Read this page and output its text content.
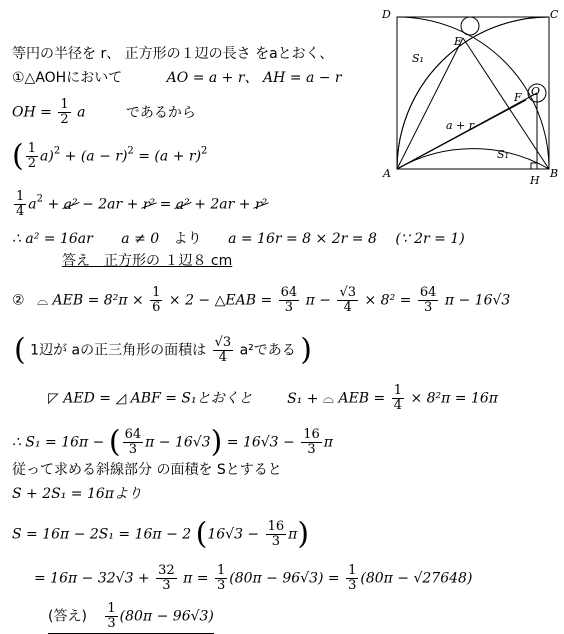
D	C
A	B
E
F O
H
S₁
S₁
a + r
等円の半径を r、 正方形の１辺の長さ をaとおく、
①△AOHにおいて	AO = a + r、 AH = a − r
OH = $\frac{1}{2}$ a	であるから
( $\frac{1}{2} a)^2 + (a - r)^2 = (a + r)^2$
$\frac{1}{4} a^2 + a^2 - 2ar + r^2 = a^2 + 2ar + r^2$
∴ a² = 16ar a ≠ 0 より a = 16r = 8 × 2r = 8 (∵ 2r = 1)
答え　正方形の １辺８ cm
② ⌓ AEB = $8^2\pi \times \frac{1}{6} \times 2$ − △EAB = $\frac{64}{3}$ $\pi - \frac{√3}{4} \times 8^2 = \frac{64}{3}$ π − 16√3
( 1辺が aの正三角形の面積は $\frac{√3}{4} a^2$である )
◸ AED = ◿ ABF = S₁とおくと S₁ + ⌓ AEB = $\frac{1}{4} \times 8^2\pi = 16\pi$
∴ S₁ = 16π − ( $\frac{64}{3}$ $\pi - 16√3) = 16√3 - \frac{16}{3}$ π
従って求める斜線部分 の面積を Sとすると
S + 2S₁ = 16πより
S = 16π − 2S₁ = 16π − 2 $(16√3 - \frac{16}{3} \pi)$
= $16\pi - 32√3 + \frac{32}{3}$ $\pi = \frac{1}{3} (80\pi - 96√3) = \frac{1}{3} (80\pi - √27648)$
(答え) $\frac{1}{3} (80\pi - 96√3)$
